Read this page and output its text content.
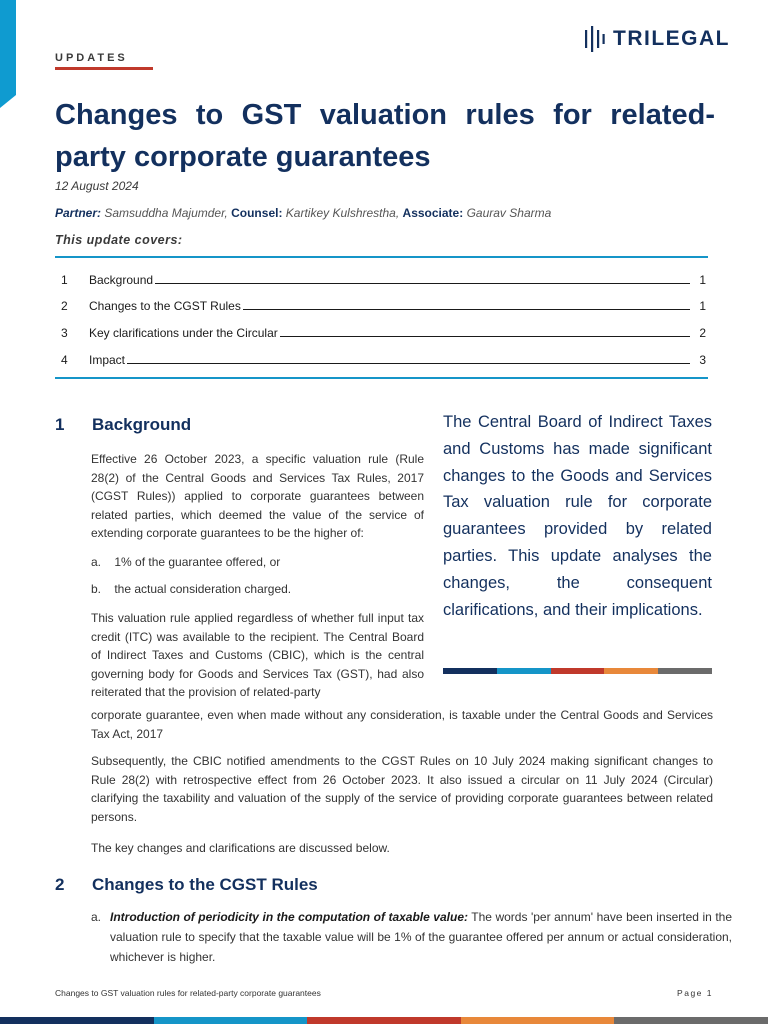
UPDATES
TRILEGAL
Changes to GST valuation rules for related-party corporate guarantees
12 August 2024
Partner: Samsuddha Majumder, Counsel: Kartikey Kulshrestha, Associate: Gaurav Sharma
This update covers:
1	Background	1
2	Changes to the CGST Rules	1
3	Key clarifications under the Circular	2
4	Impact	3
1	Background

Effective 26 October 2023, a specific valuation rule (Rule 28(2) of the Central Goods and Services Tax Rules, 2017 (CGST Rules)) applied to corporate guarantees between related parties, which deemed the value of the service of extending corporate guarantees to be the higher of:

a. 1% of the guarantee offered, or
b. the actual consideration charged.

This valuation rule applied regardless of whether full input tax credit (ITC) was available to the recipient. The Central Board of Indirect Taxes and Customs (CBIC), which is the central governing body for Goods and Services Tax (GST), had also reiterated that the provision of related-party

corporate guarantee, even when made without any consideration, is taxable under the Central Goods and Services Tax Act, 2017

Subsequently, the CBIC notified amendments to the CGST Rules on 10 July 2024 making significant changes to Rule 28(2) with retrospective effect from 26 October 2023. It also issued a circular on 11 July 2024 (Circular) clarifying the taxability and valuation of the supply of the service of providing corporate guarantees between related persons.

The key changes and clarifications are discussed below.

The Central Board of Indirect Taxes and Customs has made significant changes to the Goods and Services Tax valuation rule for corporate guarantees provided by related parties. This update analyses the changes, the consequent clarifications, and their implications.

2	Changes to the CGST Rules

a. Introduction of periodicity in the computation of taxable value: The words 'per annum' have been inserted in the valuation rule to specify that the taxable value will be 1% of the guarantee offered per annum or actual consideration, whichever is higher.

Changes to GST valuation rules for related-party corporate guarantees	Page 1
